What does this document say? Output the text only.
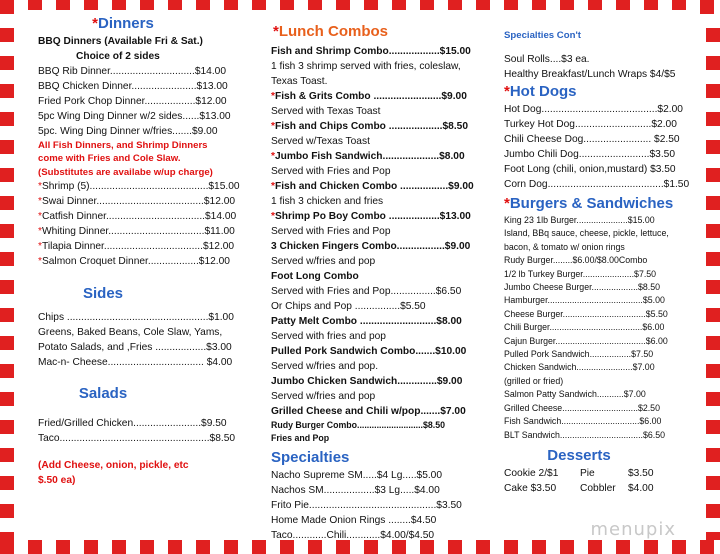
*Dinners
BBQ Dinners (Available Fri & Sat.)
Choice of 2 sides
BBQ Rib Dinner..............................$14.00
BBQ Chicken Dinner.......................$13.00
Fried Pork Chop Dinner..................$12.00
5pc Wing Ding Dinner w/2 sides......$13.00
5pc. Wing Ding Dinner w/fries.......$9.00
All Fish Dinners, and Shrimp Dinners
come with Fries and Cole Slaw.
(Substitutes are availabe w/up charge)
*Shrimp (5)..........................................$15.00
*Swai Dinner......................................$12.00
*Catfish Dinner...................................$14.00
*Whiting Dinner..................................$11.00
*Tilapia Dinner...................................$12.00
*Salmon Croquet Dinner..................$12.00
Sides
Chips ..................................................$1.00
Greens, Baked Beans, Cole Slaw, Yams,
Potato Salads, and ,Fries ..................$3.00
Mac-n- Cheese.................................. $4.00
Salads
Fried/Grilled Chicken........................$9.50
Taco.....................................................$8.50
(Add Cheese, onion, pickle, etc
$.50 ea)
*Lunch Combos
Fish and Shrimp Combo..................$15.00
1 fish 3 shrimp served with fries, coleslaw,
Texas Toast.
*Fish & Grits Combo ........................$9.00
Served with Texas Toast
*Fish and Chips Combo ...................$8.50
Served w/Texas Toast
*Jumbo Fish Sandwich....................$8.00
Served with Fries and Pop
*Fish and Chicken Combo .................$9.00
1 fish 3 chicken and fries
*Shrimp Po Boy Combo ..................$13.00
Served with Fries and Pop
3 Chicken Fingers Combo.................$9.00
Served w/fries and pop
Foot Long Combo
Served with Fries and Pop................$6.50
Or Chips and Pop ................$5.50
Patty Melt Combo ...........................$8.00
Served with fries and pop
Pulled Pork Sandwich Combo.......$10.00
Served w/fries and pop.
Jumbo Chicken Sandwich..............$9.00
Served w/fries and pop
Grilled Cheese and Chili w/pop.......$7.00
Rudy Burger Combo...........................$8.50
Fries and Pop
Specialties
Nacho Supreme SM.....$4 Lg.....$5.00
Nachos SM..................$3 Lg.....$4.00
Frito Pie.............................................$3.50
Home Made Onion Rings ........$4.50
Taco............Chili............$4.00/$4.50
Specialties Con't
Soul Rolls....$3 ea.
Healthy Breakfast/Lunch Wraps $4/$5
*Hot Dogs
Hot Dog.........................................$2.00
Turkey Hot Dog...........................$2.00
Chili Cheese Dog........................ $2.50
Jumbo Chili Dog.........................$3.50
Foot Long (chili, onion,mustard) $3.50
Corn Dog.........................................$1.50
*Burgers & Sandwiches
King 23 1lb Burger.....................$15.00
Island, BBq sauce, cheese, pickle, lettuce,
bacon, & tomato w/ onion rings
Rudy Burger........$6.00/$8.00Combo
1/2 lb Turkey Burger.....................$7.50
Jumbo Cheese Burger...................$8.50
Hamburger.......................................$5.00
Cheese Burger..................................$5.50
Chili Burger......................................$6.00
Cajun Burger.....................................$6.00
Pulled Pork Sandwich.................$7.50
Chicken Sandwich.......................$7.00
(grilled or fried)
Salmon Patty Sandwich...........$7.00
Grilled Cheese...............................$2.50
Fish Sandwich................................$6.00
BLT Sandwich..................................$6.50
Desserts
Cookie 2/$1	Pie	$3.50
Cake $3.50	Cobbler	$4.00
menupix
